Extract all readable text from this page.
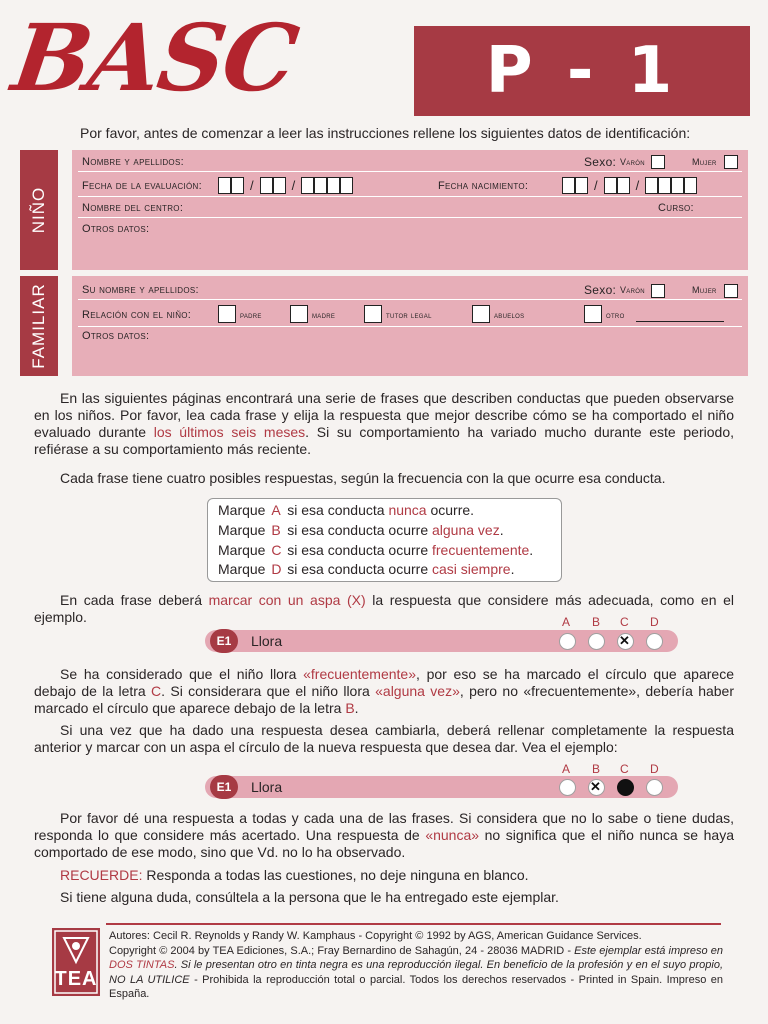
BASC	P - 1
Por favor, antes de comenzar a leer las instrucciones rellene los siguientes datos de identificación:
NIÑO
Nombre y apellidos:	Sexo: Varón	Mujer
Fecha de la evaluación:	/	/	Fecha nacimiento:	/	/
Nombre del centro:	Curso:
Otros datos:
FAMILIAR	Su nombre y apellidos:	Sexo: Varón	Mujer
Relación con el niño:	padre	madre	tutor legal	abuelos	otro
Otros datos:
En las siguientes páginas encontrará una serie de frases que describen conductas que pueden observarse en los niños. Por favor, lea cada frase y elija la respuesta que mejor describe cómo se ha comportado el niño evaluado durante los últimos seis meses. Si su comportamiento ha variado mucho durante este periodo, refiérase a su comportamiento más reciente.
Cada frase tiene cuatro posibles respuestas, según la frecuencia con la que ocurre esa conducta.
Marque A si esa conducta nunca ocurre.
Marque B si esa conducta ocurre alguna vez.
Marque C si esa conducta ocurre frecuentemente.
Marque D si esa conducta ocurre casi siempre.
En cada frase deberá marcar con un aspa (X) la respuesta que considere más adecuada, como en el ejemplo.	A B C D
E1	Llora
✕
Se ha considerado que el niño llora «frecuentemente», por eso se ha marcado el círculo que aparece debajo de la letra C. Si considerara que el niño llora «alguna vez», pero no «frecuentemente», debería haber marcado el círculo que aparece debajo de la letra B.
Si una vez que ha dado una respuesta desea cambiarla, deberá rellenar completamente la respuesta anterior y marcar con un aspa el círculo de la nueva respuesta que desea dar. Vea el ejemplo:
A B C D
E1	Llora
✕
Por favor dé una respuesta a todas y cada una de las frases. Si considera que no lo sabe o tiene dudas, responda lo que considere más acertado. Una respuesta de «nunca» no significa que el niño nunca se haya comportado de ese modo, sino que Vd. no lo ha observado.
RECUERDE: Responda a todas las cuestiones, no deje ninguna en blanco.
Si tiene alguna duda, consúltela a la persona que le ha entregado este ejemplar.
TEA
Autores: Cecil R. Reynolds y Randy W. Kamphaus - Copyright © 1992 by AGS, American Guidance Services.
Copyright © 2004 by TEA Ediciones, S.A.; Fray Bernardino de Sahagún, 24 - 28036 MADRID - Este ejemplar está impreso en DOS TINTAS. Si le presentan otro en tinta negra es una reproducción ilegal. En beneficio de la profesión y en el suyo propio, NO LA UTILICE - Prohibida la reproducción total o parcial. Todos los derechos reservados - Printed in Spain. Impreso en España.
